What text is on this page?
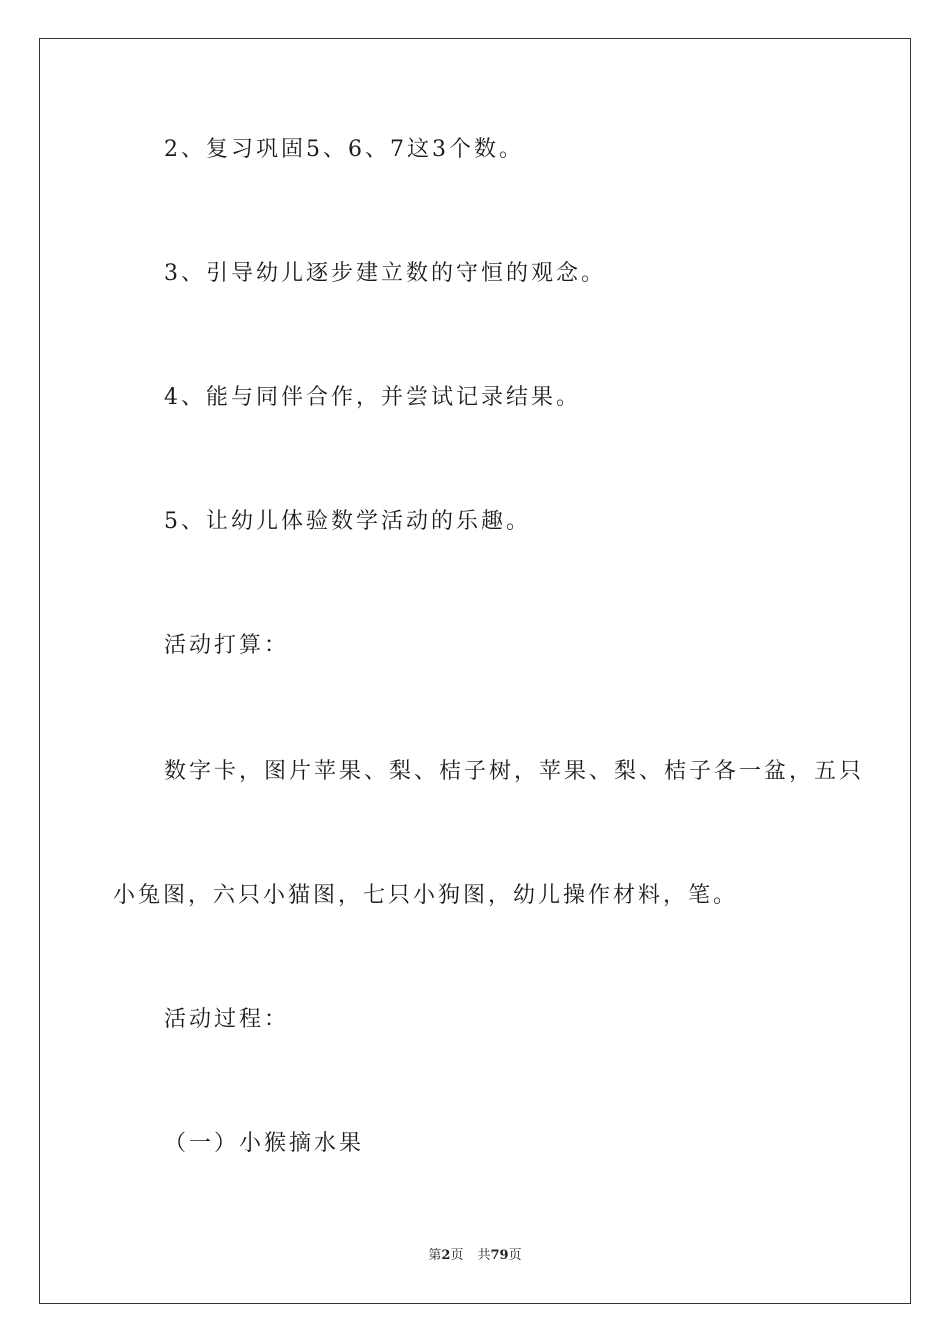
2、复习巩固5、6、7这3个数。

3、引导幼儿逐步建立数的守恒的观念。

4、能与同伴合作，并尝试记录结果。

5、让幼儿体验数学活动的乐趣。

活动打算：

数字卡，图片苹果、梨、桔子树，苹果、梨、桔子各一盆，五只

小兔图，六只小猫图，七只小狗图，幼儿操作材料，笔。

活动过程：

（一）小猴摘水果

第2页 共79页
